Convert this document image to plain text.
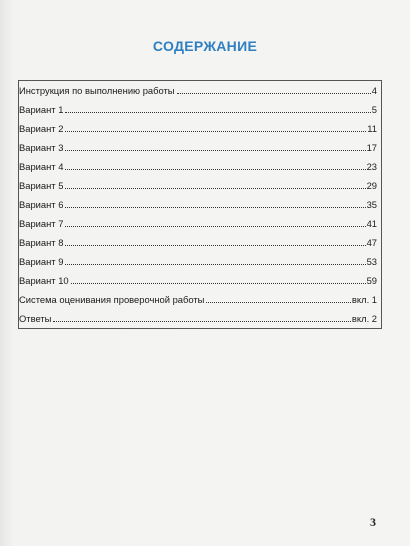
СОДЕРЖАНИЕ
Инструкция по выполнению работы	4
Вариант 1	5
Вариант 2	11
Вариант 3	17
Вариант 4	23
Вариант 5	29
Вариант 6	35
Вариант 7	41
Вариант 8	47
Вариант 9	53
Вариант 10	59
Система оценивания проверочной работы	вкл. 1
Ответы	вкл. 2
3
